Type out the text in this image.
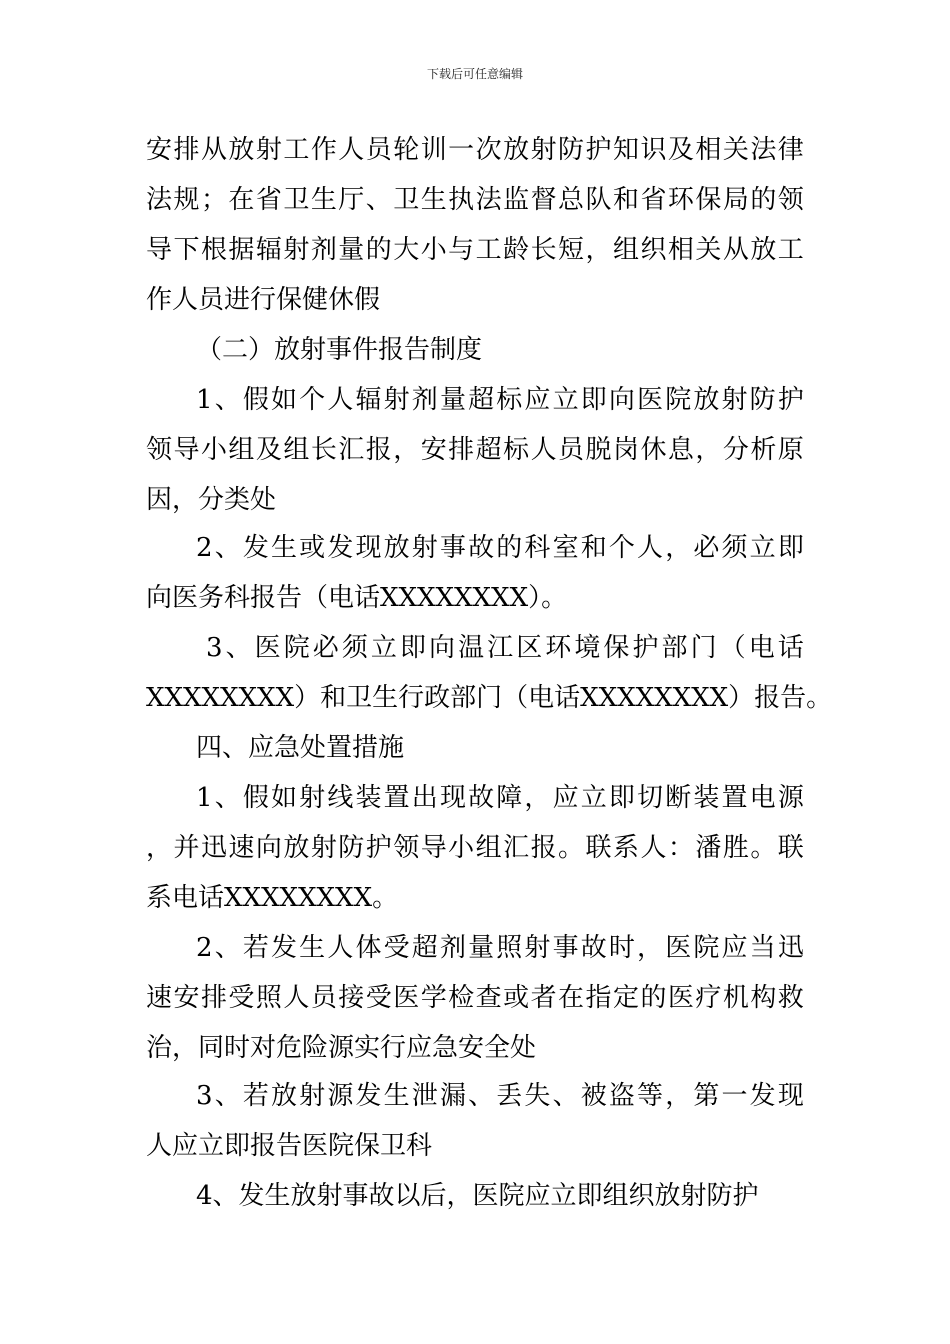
下载后可任意编辑
安 排 从 放 射 工 作 人 员 轮 训 一 次 放 射 防 护 知 识 及 相 关 法 律
法 规 ； 在 省 卫 生 厅 、 卫 生 执 法 监 督 总 队 和 省 环 保 局 的 领
导 下 根 据 辐 射 剂 量 的 大 小 与 工 龄 长 短 ， 组 织 相 关 从 放 工
作人员进行保健休假
（二）放射事件报告制度
1 、 假 如 个 人 辐 射 剂 量 超 标 应 立 即 向 医 院 放 射 防 护
领 导 小 组 及 组 长 汇 报 ， 安 排 超 标 人 员 脱 岗 休 息 ， 分 析 原
因，分类处
2 、 发 生 或 发 现 放 射 事 故 的 科 室 和 个 人 ， 必 须 立 即
向医务科报告（电话XXXXXXXX）。
3 、 医 院 必 须 立 即 向 温 江 区 环 境 保 护 部 门 （ 电 话
XXXXXXXX）和卫生行政部门（电话XXXXXXXX）报告。
四、应急处置措施
1 、 假 如 射 线 装 置 出 现 故 障 ， 应 立 即 切 断 装 置 电 源
， 并 迅 速 向 放 射 防 护 领 导 小 组 汇 报 。 联 系 人 ： 潘 胜 。 联
系电话XXXXXXXX。
2 、 若 发 生 人 体 受 超 剂 量 照 射 事 故 时 ， 医 院 应 当 迅
速 安 排 受 照 人 员 接 受 医 学 检 查 或 者 在 指 定 的 医 疗 机 构 救
治，同时对危险源实行应急安全处
3 、 若 放 射 源 发 生 泄 漏 、 丢 失 、 被 盗 等 ， 第 一 发 现
人应立即报告医院保卫科
4、发生放射事故以后，医院应立即组织放射防护
